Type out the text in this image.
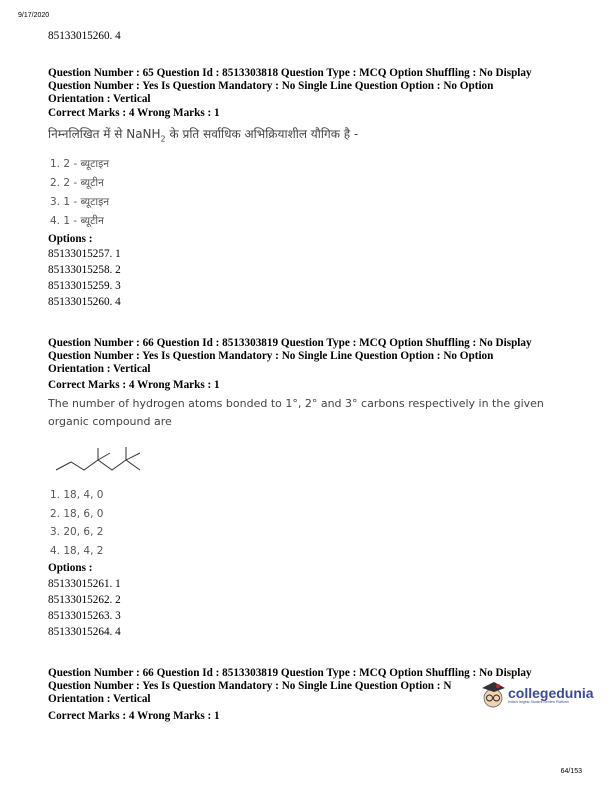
9/17/2020
85133015260. 4
Question Number : 65 Question Id : 8513303818 Question Type : MCQ Option Shuffling : No Display
Question Number : Yes Is Question Mandatory : No Single Line Question Option : No Option
Orientation : Vertical
Correct Marks : 4 Wrong Marks : 1
निम्नलिखित में से NaNH$_2$ के प्रति सर्वाधिक अभिक्रियाशील यौगिक है -
1. 2 - ब्यूटाइन
2. 2 - ब्यूटीन
3. 1 - ब्यूटाइन
4. 1 - ब्यूटीन
Options :
85133015257. 1
85133015258. 2
85133015259. 3
85133015260. 4
Question Number : 66 Question Id : 8513303819 Question Type : MCQ Option Shuffling : No Display
Question Number : Yes Is Question Mandatory : No Single Line Question Option : No Option
Orientation : Vertical
Correct Marks : 4 Wrong Marks : 1
The number of hydrogen atoms bonded to 1°, 2° and 3° carbons respectively in the given
organic compound are
1. 18, 4, 0
2. 18, 6, 0
3. 20, 6, 2
4. 18, 4, 2
Options :
85133015261. 1
85133015262. 2
85133015263. 3
85133015264. 4
Question Number : 66 Question Id : 8513303819 Question Type : MCQ Option Shuffling : No Display
Question Number : Yes Is Question Mandatory : No Single Line Question Option : N
Orientation : Vertical
Correct Marks : 4 Wrong Marks : 1
collegedunia
India's largest Student Review Platform
64/153
